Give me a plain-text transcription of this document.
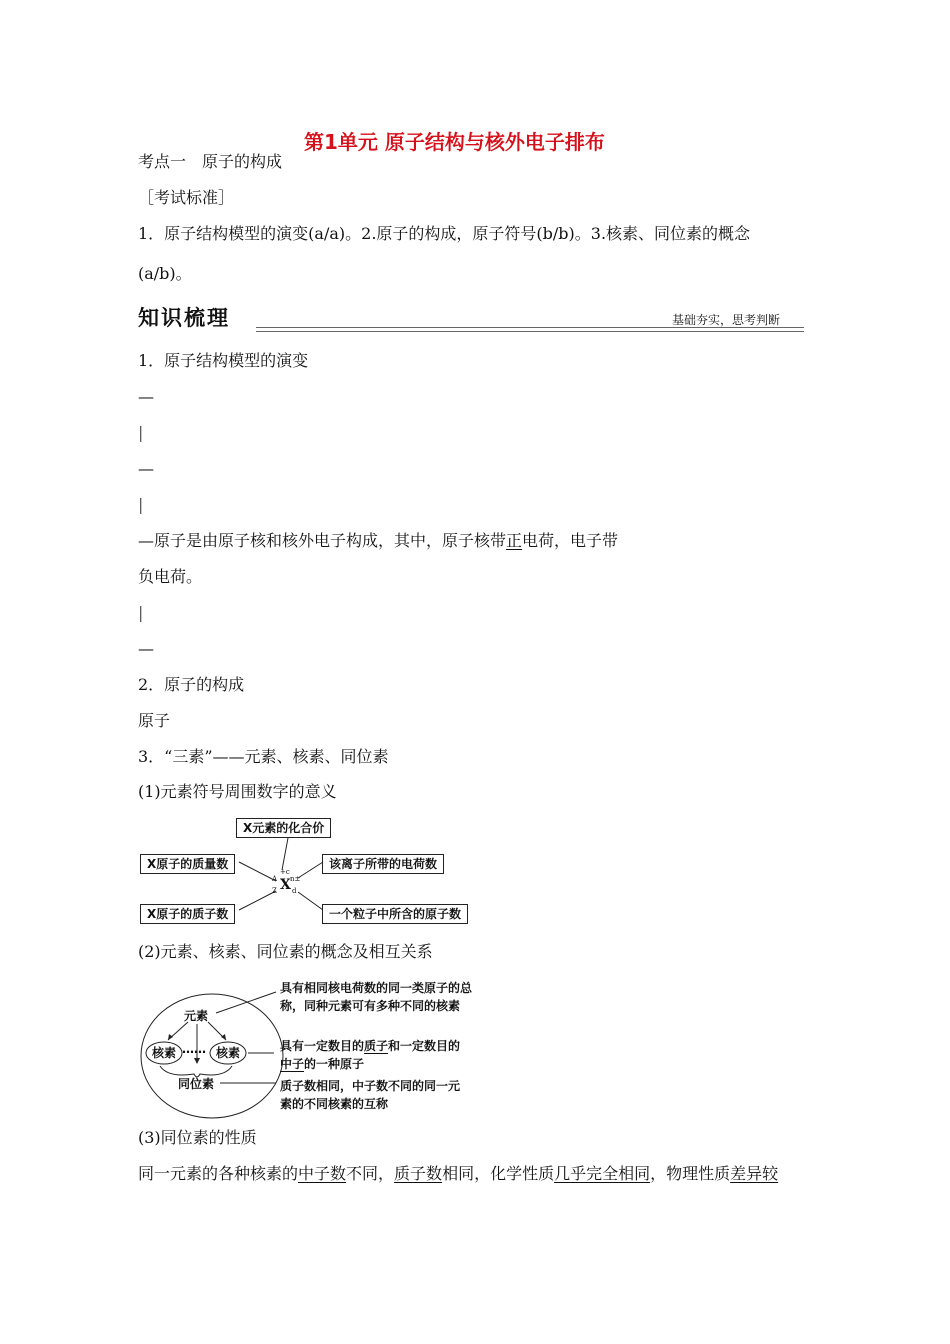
第1单元 原子结构与核外电子排布
考点一　原子的构成
［考试标准］
1．原子结构模型的演变(a/a)。2.原子的构成，原子符号(b/b)。3.核素、同位素的概念
(a/b)。
知识梳理	基础夯实，思考判断
1．原子结构模型的演变
—
|
—
|
—原子是由原子核和核外电子构成，其中，原子核带正电荷，电子带
负电荷。
|
—
2．原子的构成
原子
3．“三素”——元素、核素、同位素
(1)元素符号周围数字的意义
X元素的化合价
X原子的质量数
X原子的质子数
该离子所带的电荷数
一个粒子中所含的原子数
X
A
Z
+c
n±
d
(2)元素、核素、同位素的概念及相互关系
元素
核素 …… 核素
同位素
具有相同核电荷数的同一类原子的总
称，同种元素可有多种不同的核素
具有一定数目的质子和一定数目的
中子的一种原子
质子数相同，中子数不同的同一元
素的不同核素的互称
(3)同位素的性质
同一元素的各种核素的中子数不同，质子数相同，化学性质几乎完全相同，物理性质差异较
